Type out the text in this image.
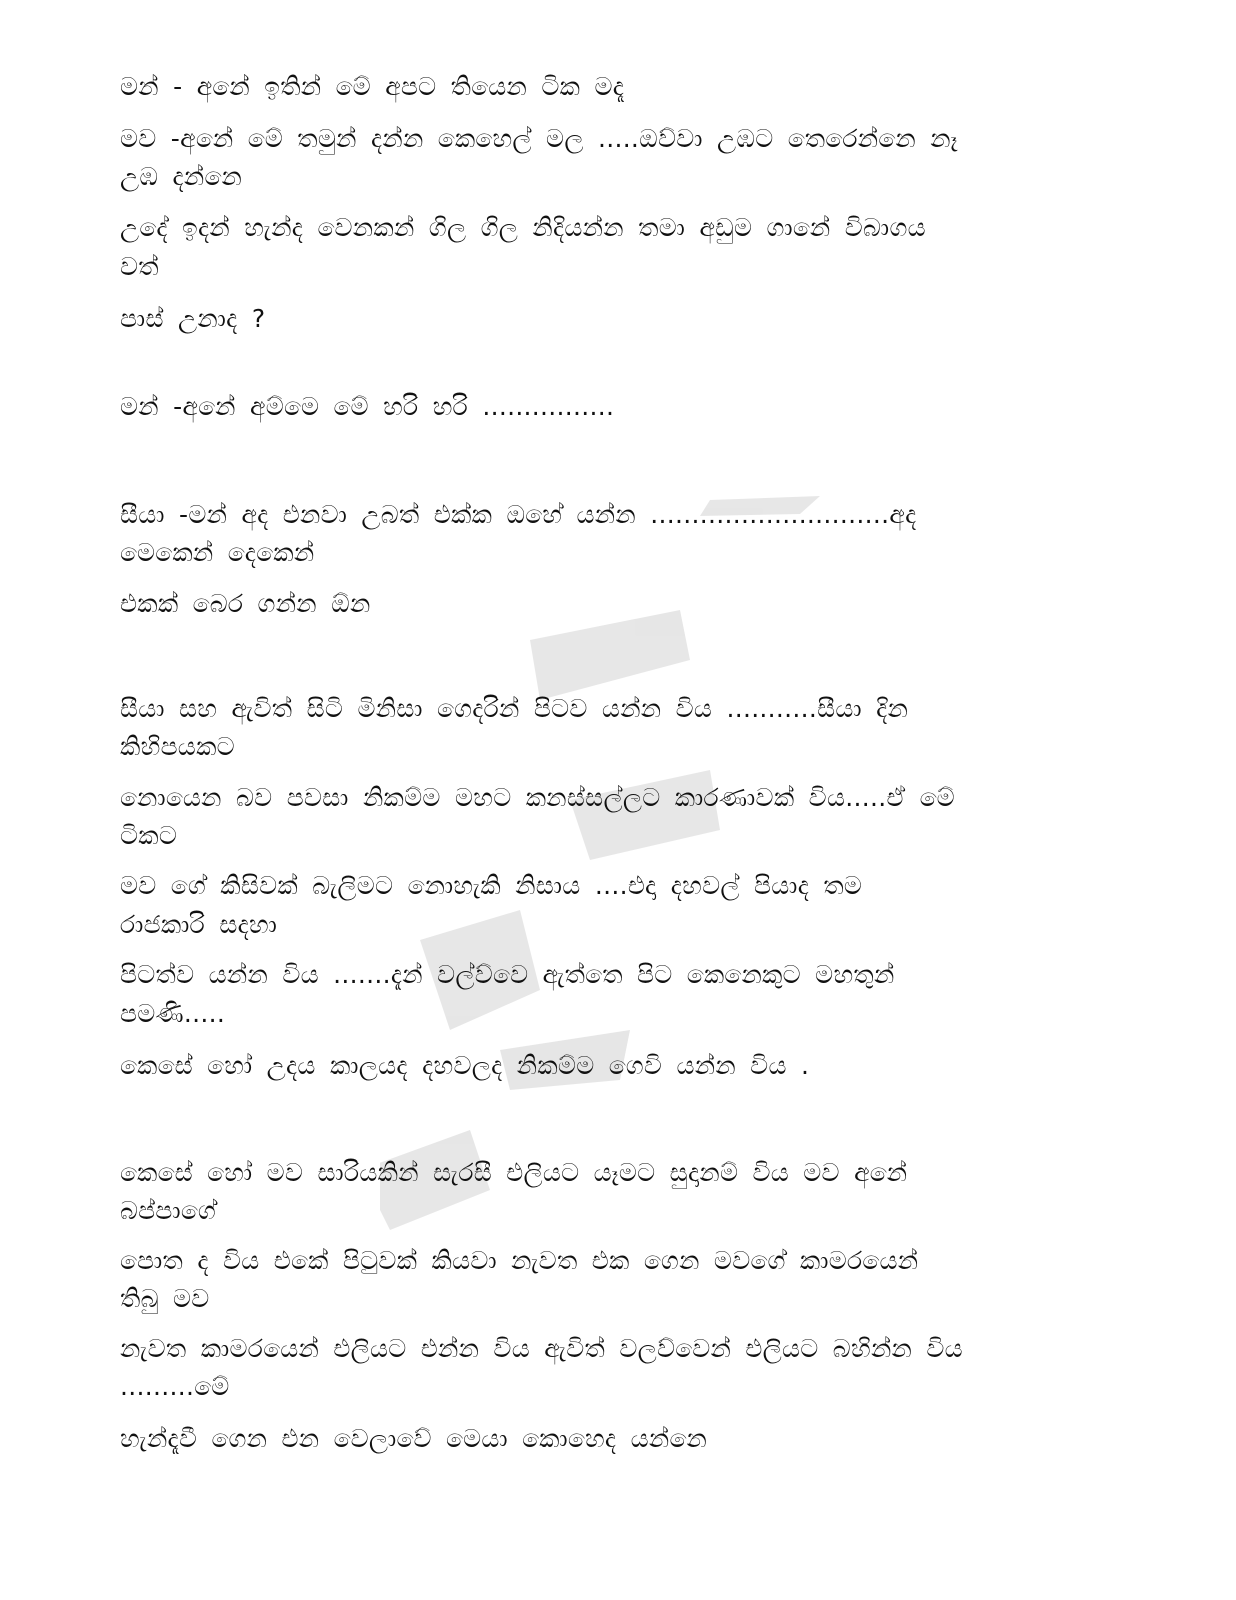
මන් - අනේ ඉතින් මේ අපට තියෙන ටික මදෑ
මව -අනේ මේ තමුන් දන්න කෙහෙල් මල .....ඔව්වා උඹට තෙරෙන්නෙ නෑ
උඹ දන්නෙ
උදේ ඉදන් හැන්ද වෙනකන් ගිල ගිල නිදියන්න තමා අඩුම ගානේ විබාගය
වත්
පාස් උනාද ?
මන් -අනේ අම්මෙ මේ හරි හරි ................
සීයා -මන් අද එනවා උබත් එක්ක ඔහේ යන්න .............................අද
මෙකෙන් දෙකෙන්
එකක් බෙර ගන්න ඕන
සීයා සහ ඇවිත් සිටි මිනිසා ගෙදරින් පිටව යන්න විය ...........සීයා දින
කිහිපයකට
නොයෙන බව පවසා නිකම්ම මහට කනස්සල්ලට කාරණාවක් විය.....ඒ මේ
ටිකට
මව ගේ කිසිවක් බැලිමට නොහැකි නිසාය ....එදා දහවල් පියාද තම
රාජකාරි සදහා
පිටත්ව යන්න විය .......දැන් වල්ව්වෙ ඇත්තෙ පිට කෙනෙකුට මහතුන්
පමණි.....
කෙසේ හෝ උදය කාලයද දහවලද නිකම්ම ගෙවි යන්න විය .
කෙසේ හෝ මව සාරියකින් සැරසී එලියට යෑමට සුදානම් විය මව අනේ
බප්පාගේ
පොත ද විය එකේ පිටුවක් කියවා නැවත එක ගෙන මවගේ කාමරයෙන්
තිබු මව
නැවත කාමරයෙන් එලියට එන්න විය ඇවිත් වලව්වෙන් එලියට බහින්න විය
.........මේ
හැන්දෑවී ගෙන එන වෙලාවේ මෙයා කොහෙද යන්නෙ
